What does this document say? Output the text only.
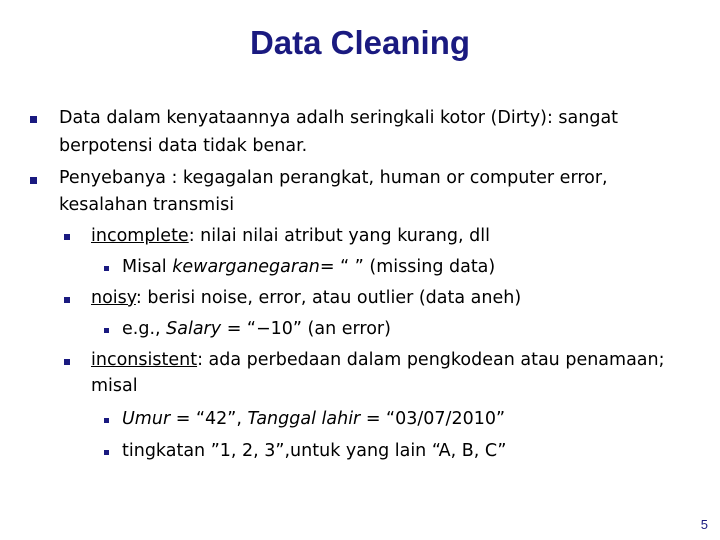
Data Cleaning
Data dalam kenyataannya adalh seringkali kotor (Dirty): sangat
berpotensi data tidak benar.
Penyebanya : kegagalan perangkat, human or computer error,
kesalahan transmisi
incomplete: nilai nilai atribut yang kurang, dll
Misal kewarganegaran= “ ” (missing data)
noisy: berisi noise, error, atau outlier (data aneh)
e.g., Salary = “−10” (an error)
inconsistent: ada perbedaan dalam pengkodean atau penamaan;
misal
Umur = “42”, Tanggal lahir = “03/07/2010”
tingkatan ”1, 2, 3”,untuk yang lain “A, B, C”
5
